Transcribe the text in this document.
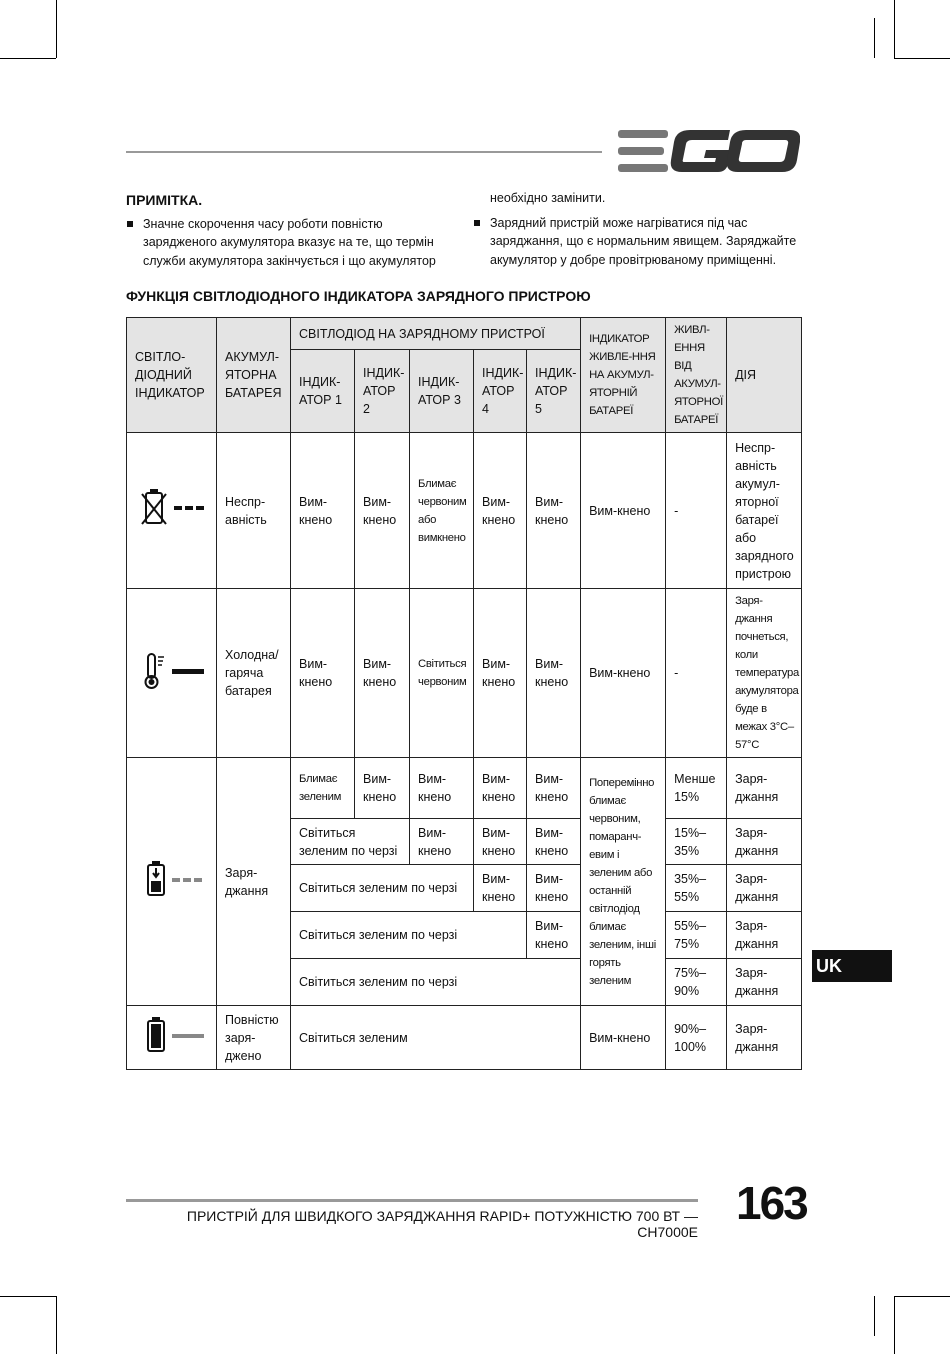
ПРИМІТКА.
Значне скорочення часу роботи повністю зарядженого акумулятора вказує на те, що термін служби акумулятора закінчується і що акумулятор
необхідно замінити.
Зарядний пристрій може нагріватися під час заряджання, що є нормальним явищем. Заряджайте акумулятор у добре провітрюваному приміщенні.
ФУНКЦІЯ СВІТЛОДІОДНОГО ІНДИКАТОРА ЗАРЯДНОГО ПРИСТРОЮ
СВІТЛО-ДІОДНИЙ ІНДИКАТОР	АКУМУЛ-ЯТОРНА БАТАРЕЯ	СВІТЛОДІОД НА ЗАРЯДНОМУ ПРИСТРОЇ					ІНДИКАТОР ЖИВЛЕ-ННЯ НА АКУМУЛ-ЯТОРНІЙ БАТАРЕЇ	ЖИВЛ-ЕННЯ ВІД АКУМУЛ-ЯТОРНОЇ БАТАРЕЇ	ДІЯ
		ІНДИК-АТОР 1	ІНДИК-АТОР 2	ІНДИК-АТОР 3	ІНДИК-АТОР 4	ІНДИК-АТОР 5			
	Неспр-авність	Вим-кнено	Вим-кнено	Блимає червоним або вимкнено	Вим-кнено	Вим-кнено	Вим-кнено	-	Неспр-авність акумул-яторної батареї або зарядного пристрою
	Холодна/ гаряча батарея	Вим-кнено	Вим-кнено	Світиться червоним	Вим-кнено	Вим-кнено	Вим-кнено	-	Заря-джання почнеться, коли температура акумулятора буде в межах 3°C–57°C
	Заря-джання	Блимає зеленим	Вим-кнено	Вим-кнено	Вим-кнено	Вим-кнено	Поперемінно блимає червоним, помаранч-евим і зеленим або останній світлодіод блимає зеленим, інші горять зеленим	Менше 15%	Заря-джання
		Світиться зеленим по черзі		Вим-кнено	Вим-кнено	Вим-кнено		15%–35%	Заря-джання
		Світиться зеленим по черзі			Вим-кнено	Вим-кнено		35%–55%	Заря-джання
		Світиться зеленим по черзі				Вим-кнено		55%–75%	Заря-джання
		Світиться зеленим по черзі						75%–90%	Заря-джання
	Повністю заря-джено	Світиться зеленим					Вим-кнено	90%–100%	Заря-джання
UK
ПРИСТРІЙ ДЛЯ ШВИДКОГО ЗАРЯДЖАННЯ RAPID+ ПОТУЖНІСТЮ 700 ВТ — CH7000E
163
